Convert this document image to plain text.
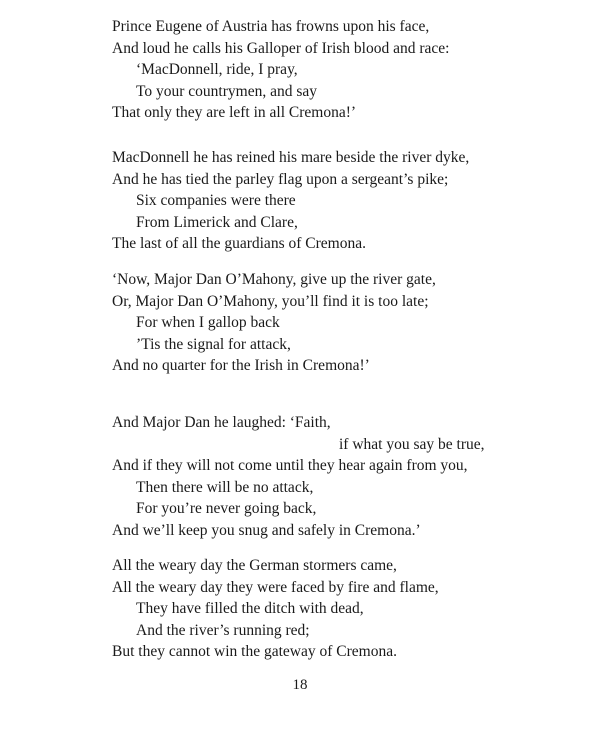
Prince Eugene of Austria has frowns upon his face,
And loud he calls his Galloper of Irish blood and race:
‘MacDonnell, ride, I pray,
To your countrymen, and say
That only they are left in all Cremona!’
MacDonnell he has reined his mare beside the river dyke,
And he has tied the parley flag upon a sergeant’s pike;
Six companies were there
From Limerick and Clare,
The last of all the guardians of Cremona.
‘Now, Major Dan O’Mahony, give up the river gate,
Or, Major Dan O’Mahony, you’ll find it is too late;
For when I gallop back
’Tis the signal for attack,
And no quarter for the Irish in Cremona!’
And Major Dan he laughed: ‘Faith,
if what you say be true,
And if they will not come until they hear again from you,
Then there will be no attack,
For you’re never going back,
And we’ll keep you snug and safely in Cremona.’
All the weary day the German stormers came,
All the weary day they were faced by fire and flame,
They have filled the ditch with dead,
And the river’s running red;
But they cannot win the gateway of Cremona.
18
